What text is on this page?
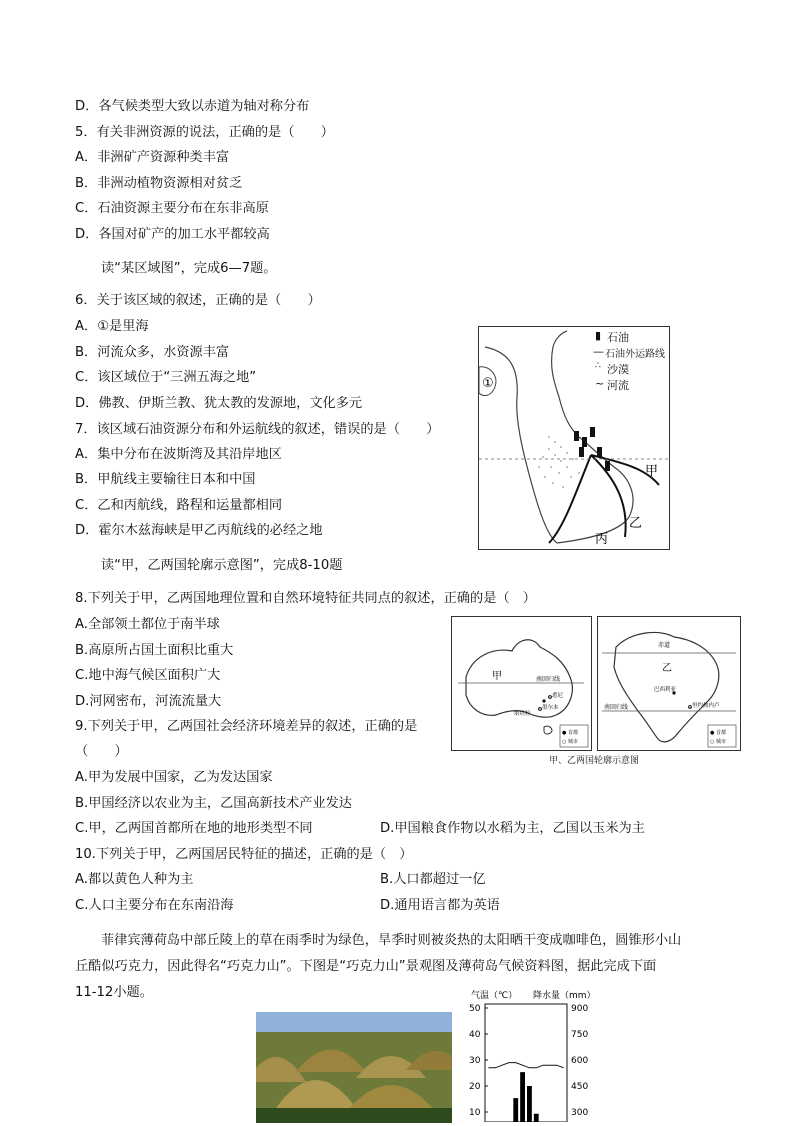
D．各气候类型大致以赤道为轴对称分布
5．有关非洲资源的说法，正确的是（　　）
A．非洲矿产资源种类丰富
B．非洲动植物资源相对贫乏
C．石油资源主要分布在东非高原
D．各国对矿产的加工水平都较高
读“某区域图”，完成6—7题。
6．关于该区域的叙述，正确的是（　　）
A．①是里海
B．河流众多，水资源丰富
C．该区域位于“三洲五海之地”
D．佛教、伊斯兰教、犹太教的发源地，文化多元
7．该区域石油资源分布和外运航线的叙述，错误的是（　　）
A．集中分布在波斯湾及其沿岸地区
B．甲航线主要输往日本和中国
C．乙和丙航线，路程和运量都相同
D．霍尔木兹海峡是甲乙丙航线的必经之地
读“甲，乙两国轮廓示意图”，完成8-10题
8.下列关于甲，乙两国地理位置和自然环境特征共同点的叙述，正确的是（　）
A.全部领土都位于南半球
B.高原所占国土面积比重大
C.地中海气候区面积广大
D.河网密布，河流流量大
9.下列关于甲，乙两国社会经济环境差异的叙述，正确的是
（　　）
A.甲为发展中国家，乙为发达国家
B.甲国经济以农业为主，乙国高新技术产业发达
C.甲，乙两国首都所在地的地形类型不同	D.甲国粮食作物以水稻为主，乙国以玉米为主
10.下列关于甲，乙两国居民特征的描述，正确的是（　）
A.都以黄色人种为主	B.人口都超过一亿
C.人口主要分布在东南沿海	D.通用语言都为英语
菲律宾薄荷岛中部丘陵上的草在雨季时为绿色，旱季时则被炎热的太阳晒干变成咖啡色，圆锥形小山
丘酷似巧克力，因此得名“巧克力山”。下图是“巧克力山”景观图及薄荷岛气候资料图，据此完成下面
11-12小题。
①
甲
乙
丙
▮ 石油
— 石油外运路线
∴ 沙漠
~ 河流
甲	南回归线
堪培拉
悉尼
墨尔本
● 首都
○ 城市
乙
赤道
巴西利亚
南回归线	里约热内卢
● 首都
○ 城市
甲、乙两国轮廓示意图
气温（℃） 降水量（mm）
50
40
30
20
10
900
750
600
450
300
